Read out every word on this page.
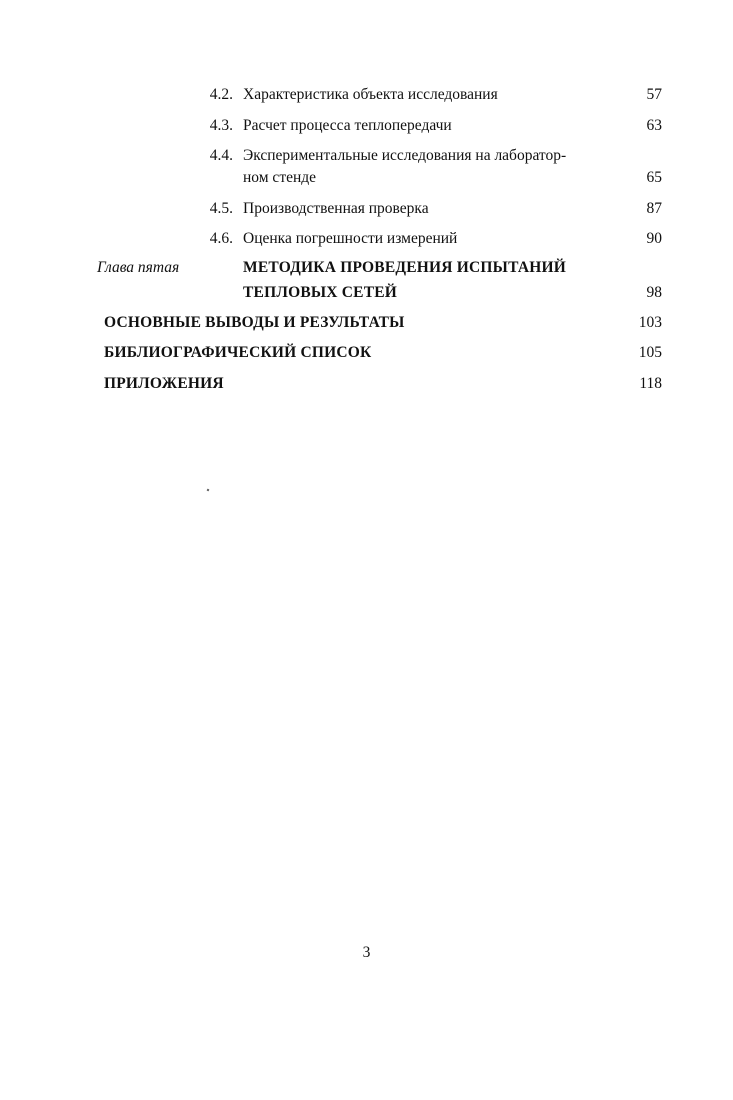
4.2. Характеристика объекта исследования	57
4.3. Расчет процесса теплопередачи	63
4.4. Экспериментальные исследования на лаборатор-
ном стенде	65
4.5. Производственная проверка	87
4.6. Оценка погрешности измерений	90
Глава пятая	МЕТОДИКА ПРОВЕДЕНИЯ ИСПЫТАНИЙ
ТЕПЛОВЫХ СЕТЕЙ	98
ОСНОВНЫЕ ВЫВОДЫ И РЕЗУЛЬТАТЫ	103
БИБЛИОГРАФИЧЕСКИЙ СПИСОК	105
ПРИЛОЖЕНИЯ	118
3
